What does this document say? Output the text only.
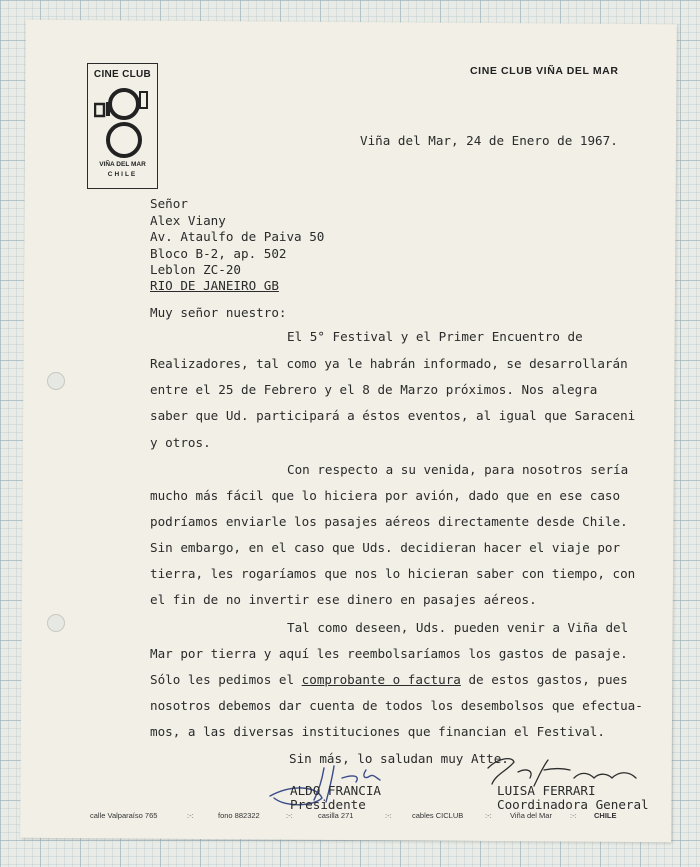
CINE CLUB
VIÑA DEL MAR
CHILE
CINE CLUB VIÑA DEL MAR
Viña del Mar, 24 de Enero de 1967.
Señor
Alex Viany
Av. Ataulfo de Paiva 50
Bloco B-2, ap. 502
Leblon ZC-20
RIO DE JANEIRO GB
Muy señor nuestro:
El 5° Festival y el Primer Encuentro de
Realizadores, tal como ya le habrán informado, se desarrollarán
entre el 25 de Febrero y el 8 de Marzo próximos. Nos alegra
saber que Ud. participará a éstos eventos, al igual que Saraceni
y otros.
Con respecto a su venida, para nosotros sería
mucho más fácil que lo hiciera por avión, dado que en ese caso
podríamos enviarle los pasajes aéreos directamente desde Chile.
Sin embargo, en el caso que Uds. decidieran hacer el viaje por
tierra, les rogaríamos que nos lo hicieran saber con tiempo, con
el fin de no invertir ese dinero en pasajes aéreos.
Tal como deseen, Uds. pueden venir a Viña del
Mar por tierra y aquí les reembolsaríamos los gastos de pasaje.
Sólo les pedimos el comprobante o factura de estos gastos, pues
nosotros debemos dar cuenta de todos los desembolsos que efectua-
mos, a las diversas instituciones que financian el Festival.
Sin más, lo saludan muy Atte.
ALDO FRANCIA
Presidente
LUISA FERRARI
Coordinadora General
calle Valparaíso 765	:-:	fono 882322	:-:	casilla 271	:-:	cables CICLUB	:-: Viña del Mar :-: CHILE
